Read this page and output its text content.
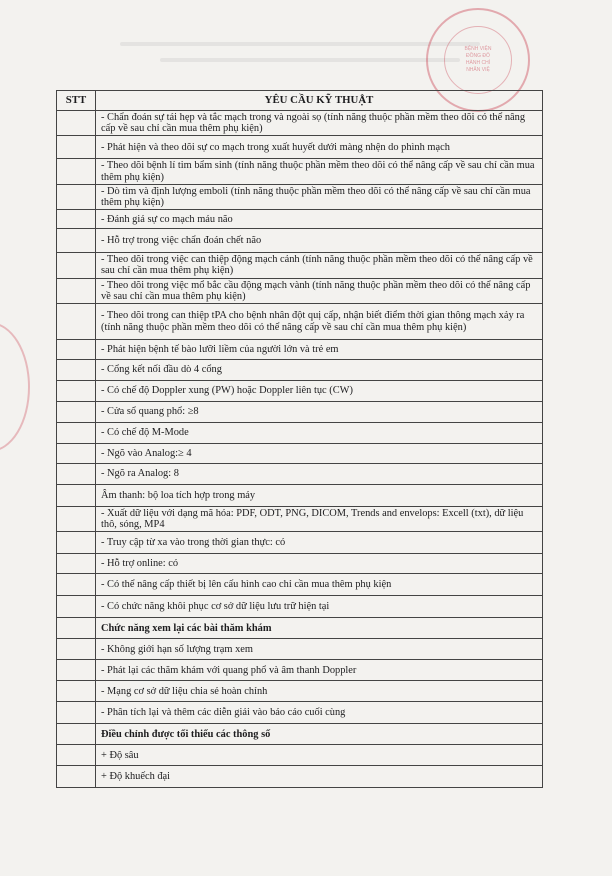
BỆNH VIỆN
ĐỒNG ĐÔ
HÀNH CHÍ
NHÂN VIỆ
STT	YÊU CẦU KỸ THUẬT
	- Chẩn đoán sự tái hẹp và tắc mạch trong và ngoài sọ (tính năng thuộc phần mềm theo dõi có thể nâng cấp về sau chỉ cần mua thêm phụ kiện)
	- Phát hiện và theo dõi sự co mạch trong xuất huyết dưới màng nhện do phình mạch
	- Theo dõi bệnh lí tim bẩm sinh (tính năng thuộc phần mềm theo dõi có thể nâng cấp về sau chỉ cần mua thêm phụ kiện)
	- Dò tìm và định lượng emboli (tính năng thuộc phần mềm theo dõi có thể nâng cấp về sau chỉ cần mua thêm phụ kiện)
	- Đánh giá sự co mạch máu não
	- Hỗ trợ trong việc chẩn đoán chết não
	- Theo dõi trong việc can thiệp động mạch cảnh (tính năng thuộc phần mềm theo dõi có thể nâng cấp về sau chỉ cần mua thêm phụ kiện)
	- Theo dõi trong việc mổ bắc cầu động mạch vành (tính năng thuộc phần mềm theo dõi có thể nâng cấp về sau chỉ cần mua thêm phụ kiện)
	- Theo dõi trong can thiệp tPA cho bệnh nhân đột quị cấp, nhận biết điểm thời gian thông mạch xảy ra (tính năng thuộc phần mềm theo dõi có thể nâng cấp về sau chỉ cần mua thêm phụ kiện)
	- Phát hiện bệnh tế bào lưỡi liềm của người lớn và trẻ em
	- Cổng kết nối đầu dò 4 cổng
	- Có chế độ Doppler xung (PW) hoặc Doppler liên tục (CW)
	- Cửa sổ quang phổ: ≥8
	- Có chế độ M-Mode
	- Ngõ vào Analog:≥ 4
	- Ngõ ra Analog: 8
	Âm thanh: bộ loa tích hợp trong máy
	- Xuất dữ liệu với dạng mã hóa: PDF, ODT, PNG, DICOM, Trends and envelops: Excell (txt), dữ liệu thô, sóng, MP4
	- Truy cập từ xa vào trong thời gian thực: có
	- Hỗ trợ online: có
	- Có thể nâng cấp thiết bị lên cấu hình cao chỉ cần mua thêm phụ kiện
	- Có chức năng khôi phục cơ sở dữ liệu lưu trữ hiện tại
	Chức năng xem lại các bài thăm khám
	- Không giới hạn số lượng trạm xem
	- Phát lại các thăm khám với quang phổ và âm thanh Doppler
	- Mạng cơ sở dữ liệu chia sẻ hoàn chỉnh
	- Phân tích lại và thêm các diễn giải vào báo cáo cuối cùng
	Điều chỉnh được tối thiểu các thông số
	+ Độ sâu
	+ Độ khuếch đại
